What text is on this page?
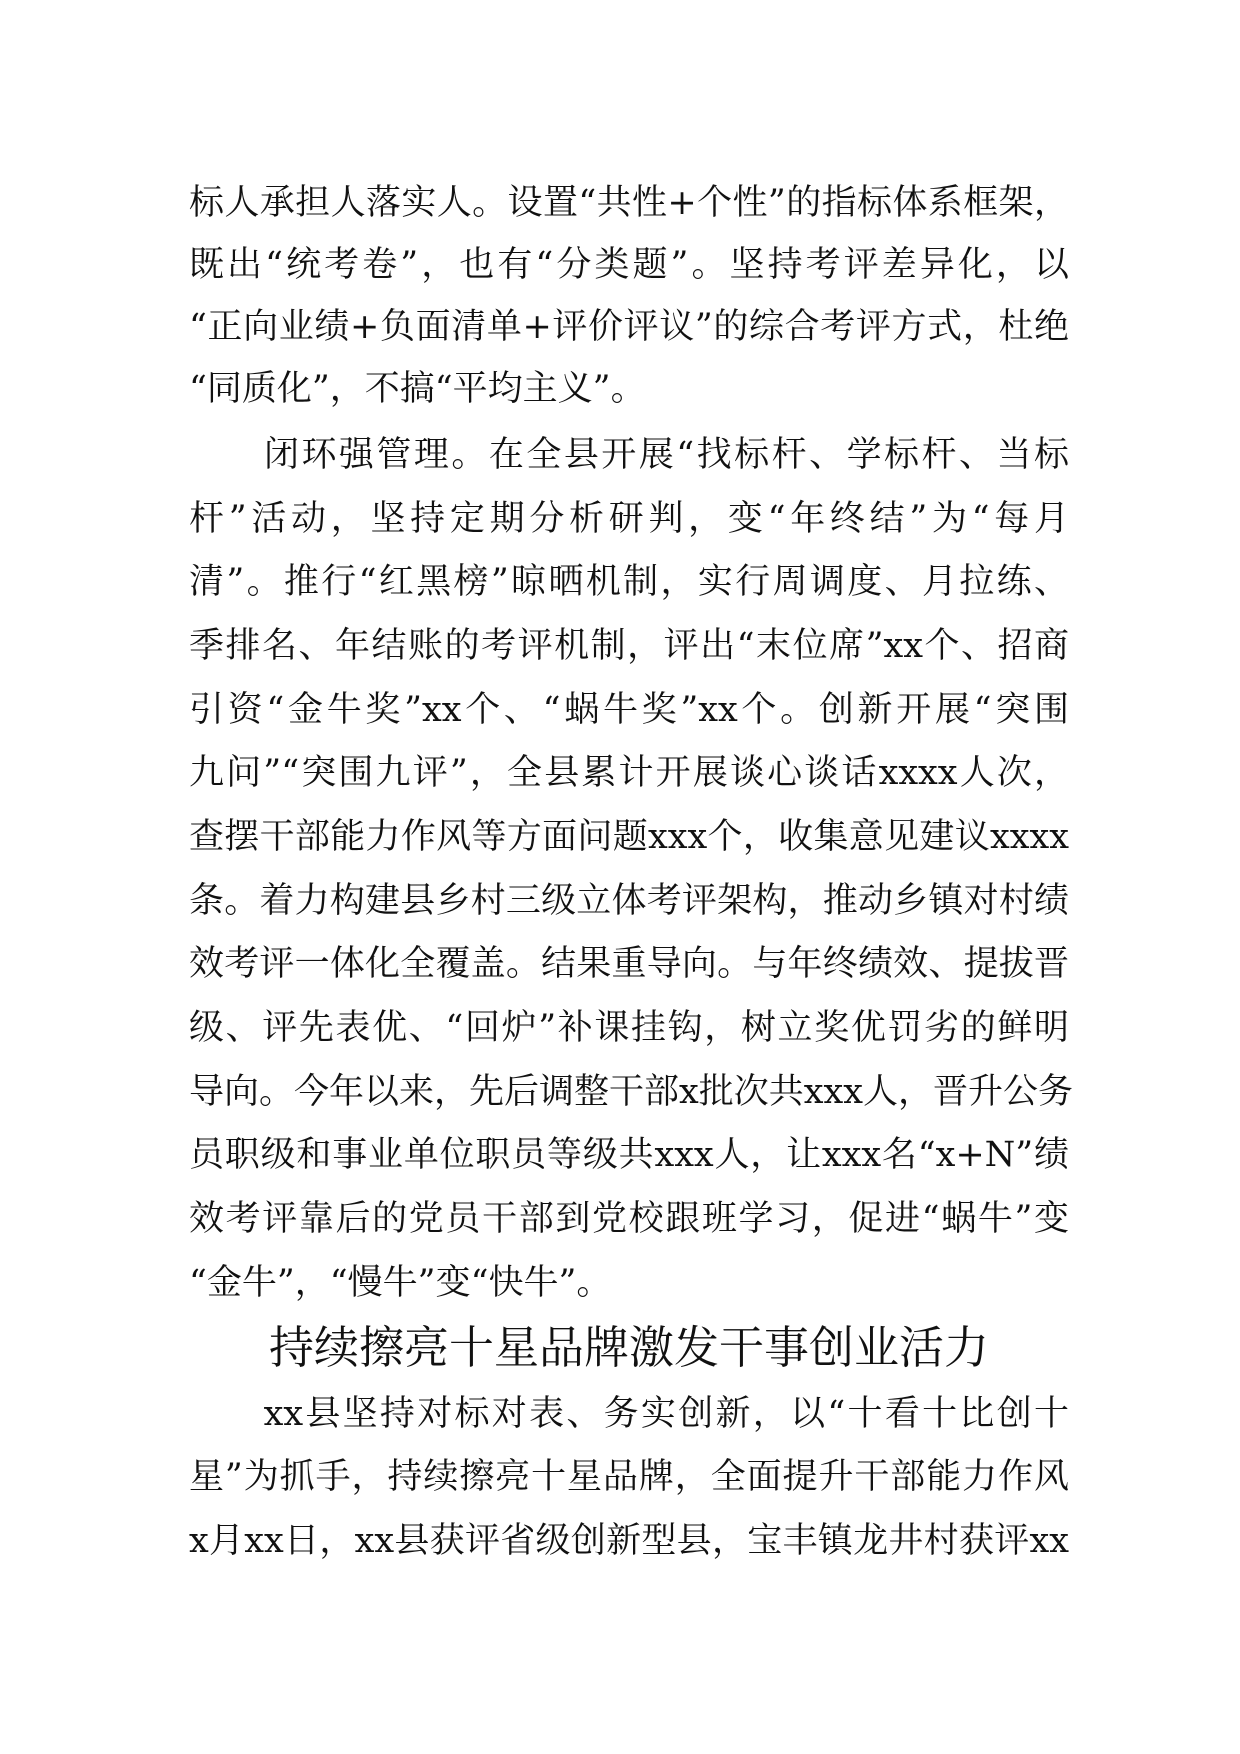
标人承担人落实人。设置“共性+个性”的指标体系框架，
既出“统考卷”，也有“分类题”。坚持考评差异化，以
“正向业绩+负面清单+评价评议”的综合考评方式，杜绝
“同质化”，不搞“平均主义”。
　　闭环强管理。在全县开展“找标杆、学标杆、当标
杆”活动，坚持定期分析研判，变“年终结”为“每月
清”。推行“红黑榜”晾晒机制，实行周调度、月拉练、
季排名、年结账的考评机制，评出“末位席”xx个、招商
引资“金牛奖”xx个、“蜗牛奖”xx个。创新开展“突围
九问”“突围九评”，全县累计开展谈心谈话xxxx人次，
查摆干部能力作风等方面问题xxx个，收集意见建议xxxx
条。着力构建县乡村三级立体考评架构，推动乡镇对村绩
效考评一体化全覆盖。结果重导向。与年终绩效、提拔晋
级、评先表优、“回炉”补课挂钩，树立奖优罚劣的鲜明
导向。今年以来，先后调整干部x批次共xxx人，晋升公务
员职级和事业单位职员等级共xxx人，让xxx名“x+N”绩
效考评靠后的党员干部到党校跟班学习，促进“蜗牛”变
“金牛”，“慢牛”变“快牛”。
持续擦亮十星品牌激发干事创业活力
　　xx县坚持对标对表、务实创新，以“十看十比创十
星”为抓手，持续擦亮十星品牌，全面提升干部能力作风
x月xx日，xx县获评省级创新型县，宝丰镇龙井村获评xx
